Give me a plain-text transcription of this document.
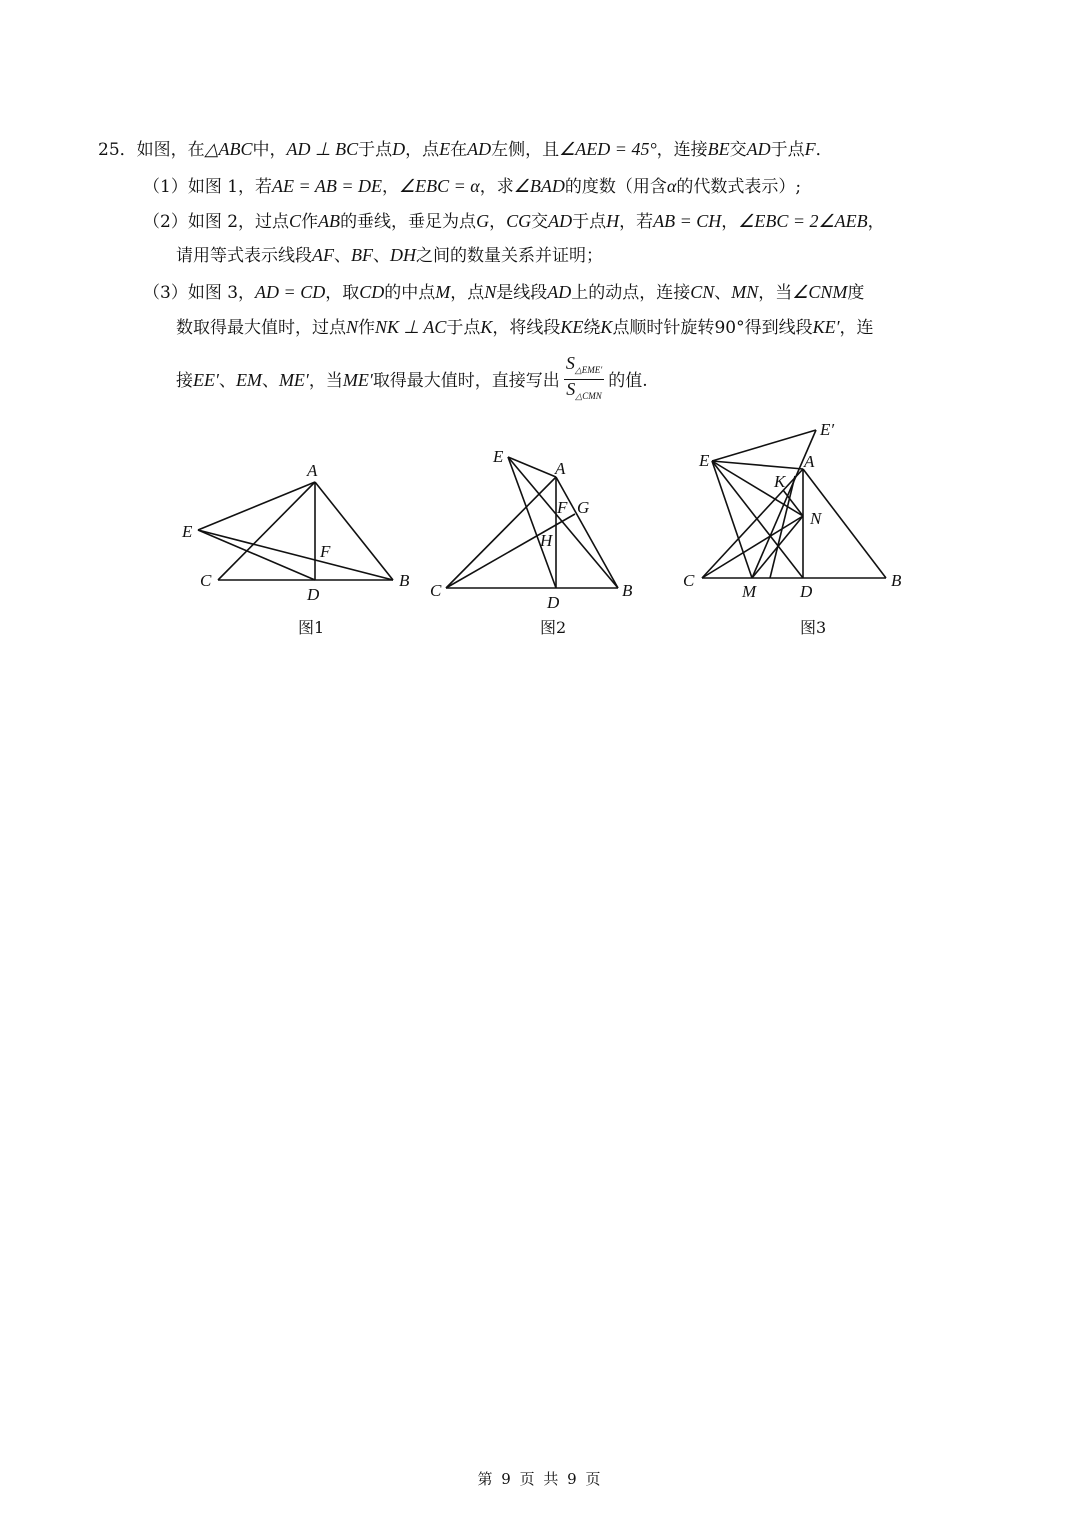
25．如图，在△ABC中，AD ⊥ BC于点D，点E在AD左侧，且∠AED = 45°，连接BE交AD于点F．
（1）如图 1，若AE = AB = DE，∠EBC = α，求∠BAD的度数（用含α的代数式表示）;
（2）如图 2，过点C作AB的垂线，垂足为点G，CG交AD于点H，若AB = CH，∠EBC = 2∠AEB，
请用等式表示线段AF、BF、DH之间的数量关系并证明；
（3）如图 3，AD = CD，取CD的中点M，点N是线段AD上的动点，连接CN、MN，当∠CNM度
数取得最大值时，过点N作NK ⊥ AC于点K，将线段KE绕K点顺时针旋转90°得到线段KE′，连
接EE′、EM、ME′，当ME′取得最大值时，直接写出 $\frac{S_{\triangle EME'}}{S_{\triangle CMN}}$ 的值.
A
E
F
C
D
B
图1
E
A
F G
H
C
D
B
图2
E′
E	A
K
N
C
M	D
B
图3
第 9 页 共 9 页
